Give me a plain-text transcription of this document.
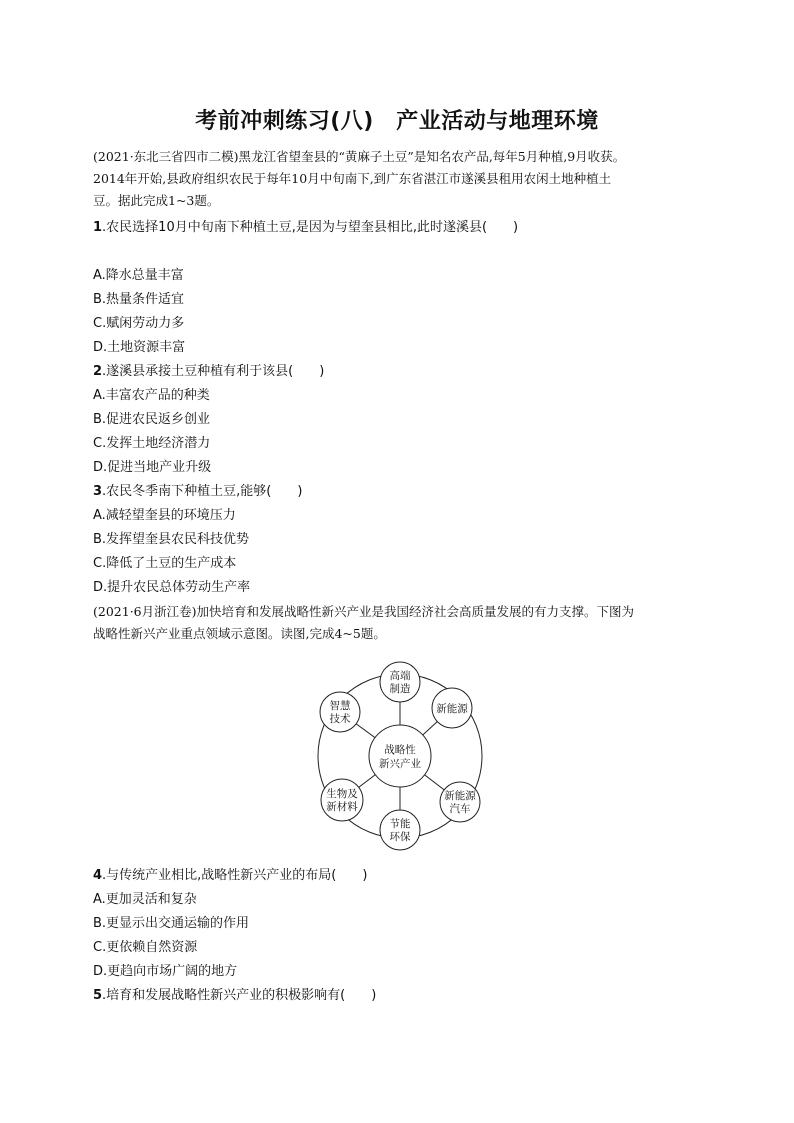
考前冲刺练习(八)　产业活动与地理环境
(2021·东北三省四市二模)黑龙江省望奎县的“黄麻子土豆”是知名农产品,每年5月种植,9月收获。
2014年开始,县政府组织农民于每年10月中旬南下,到广东省湛江市遂溪县租用农闲土地种植土
豆。据此完成1~3题。
1.农民选择10月中旬南下种植土豆,是因为与望奎县相比,此时遂溪县(　　)
A.降水总量丰富
B.热量条件适宜
C.赋闲劳动力多
D.土地资源丰富
2.遂溪县承接土豆种植有利于该县(　　)
A.丰富农产品的种类
B.促进农民返乡创业
C.发挥土地经济潜力
D.促进当地产业升级
3.农民冬季南下种植土豆,能够(　　)
A.减轻望奎县的环境压力
B.发挥望奎县农民科技优势
C.降低了土豆的生产成本
D.提升农民总体劳动生产率
(2021·6月浙江卷)加快培育和发展战略性新兴产业是我国经济社会高质量发展的有力支撑。下图为
战略性新兴产业重点领域示意图。读图,完成4~5题。
战略性
新兴产业
高端
制造
新能源
新能源
汽车
节能
环保
生物及
新材料
智慧
技术
4.与传统产业相比,战略性新兴产业的布局(　　)
A.更加灵活和复杂
B.更显示出交通运输的作用
C.更依赖自然资源
D.更趋向市场广阔的地方
5.培育和发展战略性新兴产业的积极影响有(　　)
